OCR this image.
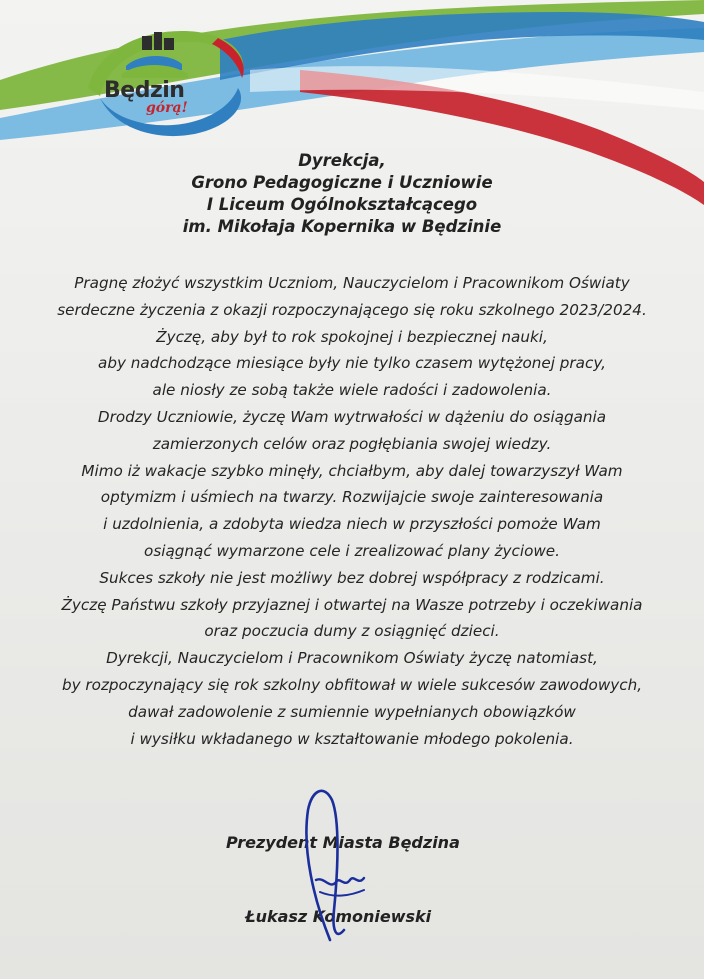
Będzin
górą!
Dyrekcja,
Grono Pedagogiczne i Uczniowie
I Liceum Ogólnokształcącego
im. Mikołaja Kopernika w Będzinie
Pragnę złożyć wszystkim Uczniom, Nauczycielom i Pracownikom Oświaty
serdeczne życzenia z okazji rozpoczynającego się roku szkolnego 2023/2024.
Życzę, aby był to rok spokojnej i bezpiecznej nauki,
aby nadchodzące miesiące były nie tylko czasem wytężonej pracy,
ale niosły ze sobą także wiele radości i zadowolenia.
Drodzy Uczniowie, życzę Wam wytrwałości w dążeniu do osiągania
zamierzonych celów oraz pogłębiania swojej wiedzy.
Mimo iż wakacje szybko minęły, chciałbym, aby dalej towarzyszył Wam
optymizm i uśmiech na twarzy. Rozwijajcie swoje zainteresowania
i uzdolnienia, a zdobyta wiedza niech w przyszłości pomoże Wam
osiągnąć wymarzone cele i zrealizować plany życiowe.
Sukces szkoły nie jest możliwy bez dobrej współpracy z rodzicami.
Życzę Państwu szkoły przyjaznej i otwartej na Wasze potrzeby i oczekiwania
oraz poczucia dumy z osiągnięć dzieci.
Dyrekcji, Nauczycielom i Pracownikom Oświaty życzę natomiast,
by rozpoczynający się rok szkolny obfitował w wiele sukcesów zawodowych,
dawał zadowolenie z sumiennie wypełnianych obowiązków
i wysiłku wkładanego w kształtowanie młodego pokolenia.
Prezydent Miasta Będzina
Łukasz Komoniewski
